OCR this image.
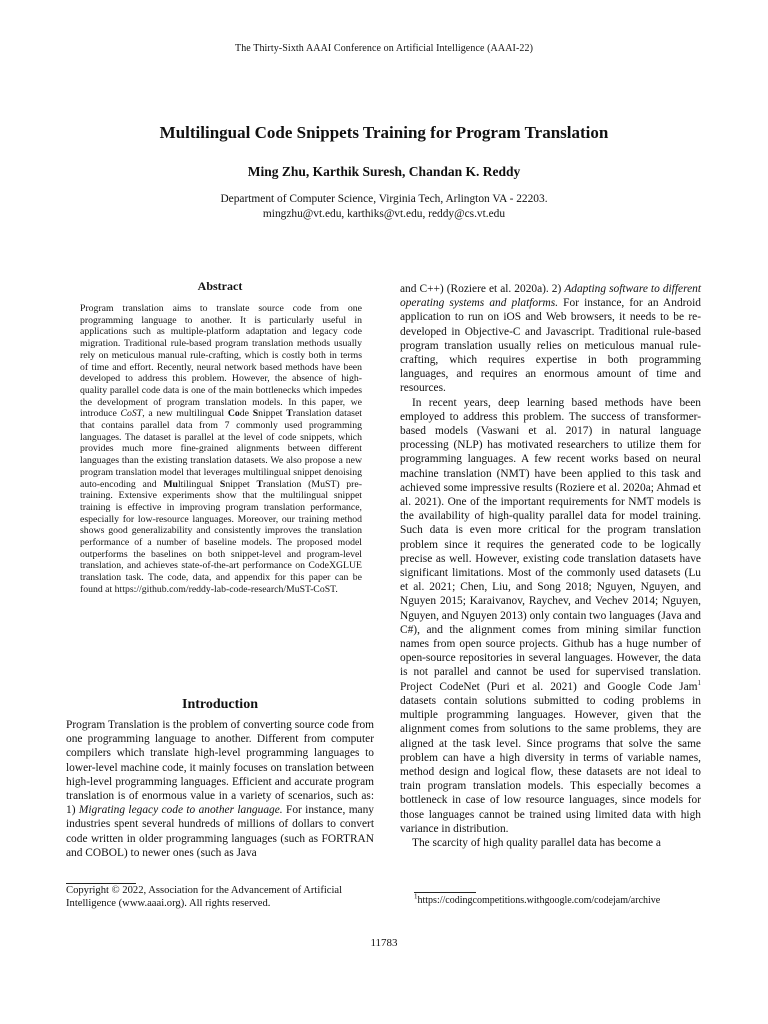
The Thirty-Sixth AAAI Conference on Artificial Intelligence (AAAI-22)
Multilingual Code Snippets Training for Program Translation
Ming Zhu, Karthik Suresh, Chandan K. Reddy
Department of Computer Science, Virginia Tech, Arlington VA - 22203.
mingzhu@vt.edu, karthiks@vt.edu, reddy@cs.vt.edu
Abstract

Program translation aims to translate source code from one programming language to another. It is particularly useful in applications such as multiple-platform adaptation and legacy code migration. Traditional rule-based program translation methods usually rely on meticulous manual rule-crafting, which is costly both in terms of time and effort. Recently, neural network based methods have been developed to address this problem. However, the absence of high-quality parallel code data is one of the main bottlenecks which impedes the development of program translation models. In this paper, we introduce CoST, a new multilingual Code Snippet Translation dataset that contains parallel data from 7 commonly used programming languages. The dataset is parallel at the level of code snippets, which provides much more fine-grained alignments between different languages than the existing translation datasets. We also propose a new program translation model that leverages multilingual snippet denoising auto-encoding and Multilingual Snippet Translation (MuST) pre-training. Extensive experiments show that the multilingual snippet training is effective in improving program translation performance, especially for low-resource languages. Moreover, our training method shows good generalizability and consistently improves the translation performance of a number of baseline models. The proposed model outperforms the baselines on both snippet-level and program-level translation, and achieves state-of-the-art performance on CodeXGLUE translation task. The code, data, and appendix for this paper can be found at https://github.com/reddy-lab-code-research/MuST-CoST.

Introduction

Program Translation is the problem of converting source code from one programming language to another. Different from computer compilers which translate high-level programming languages to lower-level machine code, it mainly focuses on translation between high-level programming languages. Efficient and accurate program translation is of enormous value in a variety of scenarios, such as: 1) Migrating legacy code to another language. For instance, many industries spent several hundreds of millions of dollars to convert code written in older programming languages (such as FORTRAN and COBOL) to newer ones (such as Java

Copyright © 2022, Association for the Advancement of Artificial Intelligence (www.aaai.org). All rights reserved.

and C++) (Roziere et al. 2020a). 2) Adapting software to different operating systems and platforms. For instance, for an Android application to run on iOS and Web browsers, it needs to be re-developed in Objective-C and Javascript. Traditional rule-based program translation usually relies on meticulous manual rule-crafting, which requires expertise in both programming languages, and requires an enormous amount of time and resources.

In recent years, deep learning based methods have been employed to address this problem. The success of transformer-based models (Vaswani et al. 2017) in natural language processing (NLP) has motivated researchers to utilize them for programming languages. A few recent works based on neural machine translation (NMT) have been applied to this task and achieved some impressive results (Roziere et al. 2020a; Ahmad et al. 2021). One of the important requirements for NMT models is the availability of high-quality parallel data for model training. Such data is even more critical for the program translation problem since it requires the generated code to be logically precise as well. However, existing code translation datasets have significant limitations. Most of the commonly used datasets (Lu et al. 2021; Chen, Liu, and Song 2018; Nguyen, Nguyen, and Nguyen 2015; Karaivanov, Raychev, and Vechev 2014; Nguyen, Nguyen, and Nguyen 2013) only contain two languages (Java and C#), and the alignment comes from mining similar function names from open source projects. Github has a huge number of open-source repositories in several languages. However, the data is not parallel and cannot be used for supervised translation. Project CodeNet (Puri et al. 2021) and Google Code Jam$^1$ datasets contain solutions submitted to coding problems in multiple programming languages. However, given that the alignment comes from solutions to the same problems, they are aligned at the task level. Since programs that solve the same problem can have a high diversity in terms of variable names, method design and logical flow, these datasets are not ideal to train program translation models. This especially becomes a bottleneck in case of low resource languages, since models for those languages cannot be trained using limited data with high variance in distribution.

The scarcity of high quality parallel data has become a

$^1$https://codingcompetitions.withgoogle.com/codejam/archive

11783
